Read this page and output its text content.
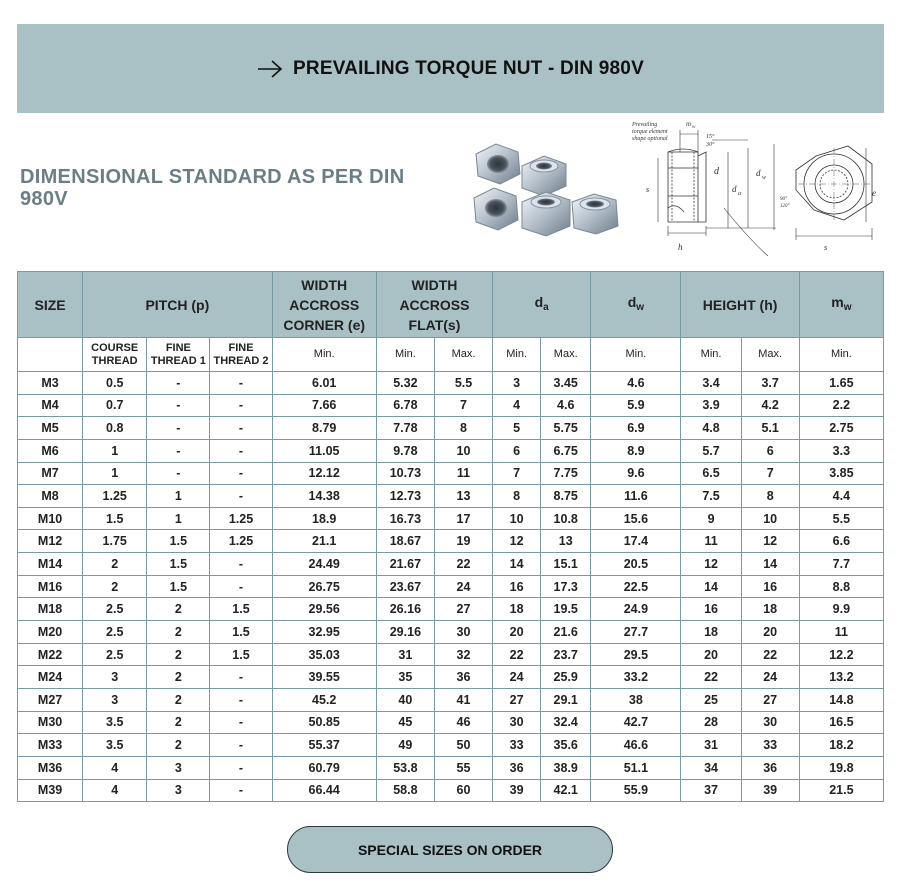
PREVAILING TORQUE NUT - DIN 980V
DIMENSIONAL STANDARD AS PER DIN 980V
Prevailing
torque element
shape optional
m w
15°
30°
d
d a
d w
s
h
e
s
90°
120°
SIZE	PITCH (p)			WIDTH ACCROSS CORNER (e)	WIDTH ACCROSS FLAT(s)		$d_a$		$d_w$	HEIGHT (h)		$m_w$
	COURSE THREAD	FINE THREAD 1	FINE THREAD 2	Min.	Min.	Max.	Min.	Max.	Min.	Min.	Max.	Min.
M3	0.5	-	-	6.01	5.32	5.5	3	3.45	4.6	3.4	3.7	1.65
M4	0.7	-	-	7.66	6.78	7	4	4.6	5.9	3.9	4.2	2.2
M5	0.8	-	-	8.79	7.78	8	5	5.75	6.9	4.8	5.1	2.75
M6	1	-	-	11.05	9.78	10	6	6.75	8.9	5.7	6	3.3
M7	1	-	-	12.12	10.73	11	7	7.75	9.6	6.5	7	3.85
M8	1.25	1	-	14.38	12.73	13	8	8.75	11.6	7.5	8	4.4
M10	1.5	1	1.25	18.9	16.73	17	10	10.8	15.6	9	10	5.5
M12	1.75	1.5	1.25	21.1	18.67	19	12	13	17.4	11	12	6.6
M14	2	1.5	-	24.49	21.67	22	14	15.1	20.5	12	14	7.7
M16	2	1.5	-	26.75	23.67	24	16	17.3	22.5	14	16	8.8
M18	2.5	2	1.5	29.56	26.16	27	18	19.5	24.9	16	18	9.9
M20	2.5	2	1.5	32.95	29.16	30	20	21.6	27.7	18	20	11
M22	2.5	2	1.5	35.03	31	32	22	23.7	29.5	20	22	12.2
M24	3	2	-	39.55	35	36	24	25.9	33.2	22	24	13.2
M27	3	2	-	45.2	40	41	27	29.1	38	25	27	14.8
M30	3.5	2	-	50.85	45	46	30	32.4	42.7	28	30	16.5
M33	3.5	2	-	55.37	49	50	33	35.6	46.6	31	33	18.2
M36	4	3	-	60.79	53.8	55	36	38.9	51.1	34	36	19.8
M39	4	3	-	66.44	58.8	60	39	42.1	55.9	37	39	21.5
SPECIAL SIZES ON ORDER
